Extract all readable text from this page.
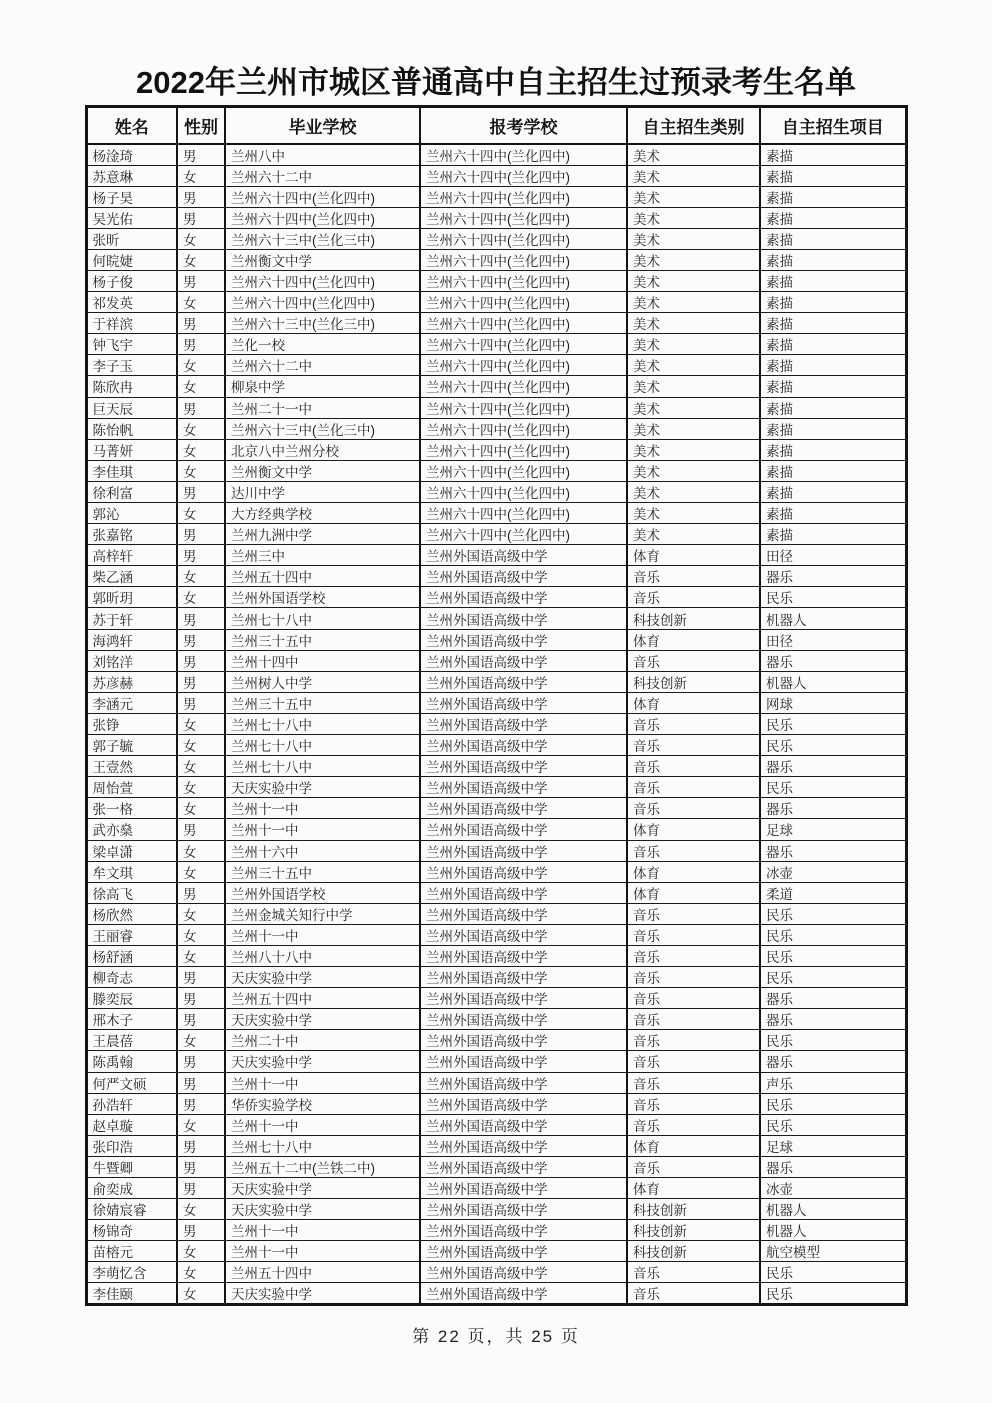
2022年兰州市城区普通高中自主招生过预录考生名单
姓名	性别	毕业学校	报考学校	自主招生类别	自主招生项目
杨淦琦	男	兰州八中	兰州六十四中(兰化四中)	美术	素描
苏意琳	女	兰州六十二中	兰州六十四中(兰化四中)	美术	素描
杨子昊	男	兰州六十四中(兰化四中)	兰州六十四中(兰化四中)	美术	素描
吴光佑	男	兰州六十四中(兰化四中)	兰州六十四中(兰化四中)	美术	素描
张昕	女	兰州六十三中(兰化三中)	兰州六十四中(兰化四中)	美术	素描
何晥婕	女	兰州衡文中学	兰州六十四中(兰化四中)	美术	素描
杨子俊	男	兰州六十四中(兰化四中)	兰州六十四中(兰化四中)	美术	素描
祁发英	女	兰州六十四中(兰化四中)	兰州六十四中(兰化四中)	美术	素描
于祥滨	男	兰州六十三中(兰化三中)	兰州六十四中(兰化四中)	美术	素描
钟飞宇	男	兰化一校	兰州六十四中(兰化四中)	美术	素描
李子玉	女	兰州六十二中	兰州六十四中(兰化四中)	美术	素描
陈欣冉	女	柳泉中学	兰州六十四中(兰化四中)	美术	素描
巨天辰	男	兰州二十一中	兰州六十四中(兰化四中)	美术	素描
陈怡帆	女	兰州六十三中(兰化三中)	兰州六十四中(兰化四中)	美术	素描
马菁妍	女	北京八中兰州分校	兰州六十四中(兰化四中)	美术	素描
李佳琪	女	兰州衡文中学	兰州六十四中(兰化四中)	美术	素描
徐利富	男	达川中学	兰州六十四中(兰化四中)	美术	素描
郭沁	女	大方经典学校	兰州六十四中(兰化四中)	美术	素描
张嘉铭	男	兰州九洲中学	兰州六十四中(兰化四中)	美术	素描
高梓轩	男	兰州三中	兰州外国语高级中学	体育	田径
柴乙涵	女	兰州五十四中	兰州外国语高级中学	音乐	器乐
郭昕玥	女	兰州外国语学校	兰州外国语高级中学	音乐	民乐
苏于轩	男	兰州七十八中	兰州外国语高级中学	科技创新	机器人
海鸿轩	男	兰州三十五中	兰州外国语高级中学	体育	田径
刘铭洋	男	兰州十四中	兰州外国语高级中学	音乐	器乐
苏彦赫	男	兰州树人中学	兰州外国语高级中学	科技创新	机器人
李涵元	男	兰州三十五中	兰州外国语高级中学	体育	网球
张铮	女	兰州七十八中	兰州外国语高级中学	音乐	民乐
郭子毓	女	兰州七十八中	兰州外国语高级中学	音乐	民乐
王壹然	女	兰州七十八中	兰州外国语高级中学	音乐	器乐
周怡萱	女	天庆实验中学	兰州外国语高级中学	音乐	民乐
张一格	女	兰州十一中	兰州外国语高级中学	音乐	器乐
武亦燊	男	兰州十一中	兰州外国语高级中学	体育	足球
梁卓潇	女	兰州十六中	兰州外国语高级中学	音乐	器乐
牟文琪	女	兰州三十五中	兰州外国语高级中学	体育	冰壶
徐高飞	男	兰州外国语学校	兰州外国语高级中学	体育	柔道
杨欣然	女	兰州金城关知行中学	兰州外国语高级中学	音乐	民乐
王丽睿	女	兰州十一中	兰州外国语高级中学	音乐	民乐
杨舒涵	女	兰州八十八中	兰州外国语高级中学	音乐	民乐
柳奇志	男	天庆实验中学	兰州外国语高级中学	音乐	民乐
滕奕辰	男	兰州五十四中	兰州外国语高级中学	音乐	器乐
邢木子	男	天庆实验中学	兰州外国语高级中学	音乐	器乐
王晨蓓	女	兰州二十中	兰州外国语高级中学	音乐	民乐
陈禹翰	男	天庆实验中学	兰州外国语高级中学	音乐	器乐
何严文硕	男	兰州十一中	兰州外国语高级中学	音乐	声乐
孙浩轩	男	华侨实验学校	兰州外国语高级中学	音乐	民乐
赵卓璇	女	兰州十一中	兰州外国语高级中学	音乐	民乐
张印浩	男	兰州七十八中	兰州外国语高级中学	体育	足球
牛暨卿	男	兰州五十二中(兰铁二中)	兰州外国语高级中学	音乐	器乐
俞奕成	男	天庆实验中学	兰州外国语高级中学	体育	冰壶
徐婧宸睿	女	天庆实验中学	兰州外国语高级中学	科技创新	机器人
杨锦奇	男	兰州十一中	兰州外国语高级中学	科技创新	机器人
苗榕元	女	兰州十一中	兰州外国语高级中学	科技创新	航空模型
李萌忆含	女	兰州五十四中	兰州外国语高级中学	音乐	民乐
李佳颐	女	天庆实验中学	兰州外国语高级中学	音乐	民乐
第 22 页，共 25 页
